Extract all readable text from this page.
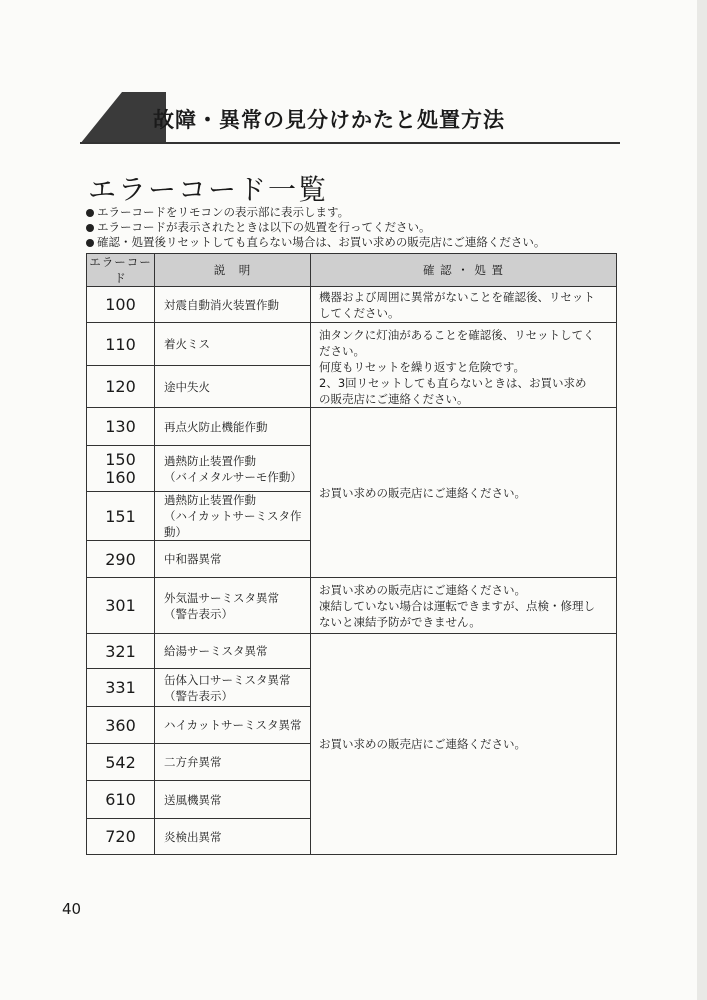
故障・異常の見分けかたと処置方法
エラーコード一覧
エラーコードをリモコンの表示部に表示します。
エラーコードが表示されたときは以下の処置を行ってください。
確認・処置後リセットしても直らない場合は、お買い求めの販売店にご連絡ください。
エラーコード	説　明	確 認 ・ 処 置
100	対震自動消火装置作動	機器および周囲に異常がないことを確認後、リセット
してください。

110	着火ミス	油タンクに灯油があることを確認後、リセットしてく
ださい。
何度もリセットを繰り返すと危険です。
2、3回リセットしても直らないときは、お買い求め
の販売店にご連絡ください。

120	途中失火	

130	再点火防止機能作動	お買い求めの販売店にご連絡ください。

150
160	過熱防止装置作動
（バイメタルサーモ作動）	

151	過熱防止装置作動
（ハイカットサーミスタ作動）	

290	中和器異常	

301	外気温サーミスタ異常
（警告表示）	お買い求めの販売店にご連絡ください。
凍結していない場合は運転できますが、点検・修理し
ないと凍結予防ができません。

321	給湯サーミスタ異常	お買い求めの販売店にご連絡ください。

331	缶体入口サーミスタ異常
（警告表示）	

360	ハイカットサーミスタ異常	

542	二方弁異常	

610	送風機異常	

720	炎検出異常	
40
